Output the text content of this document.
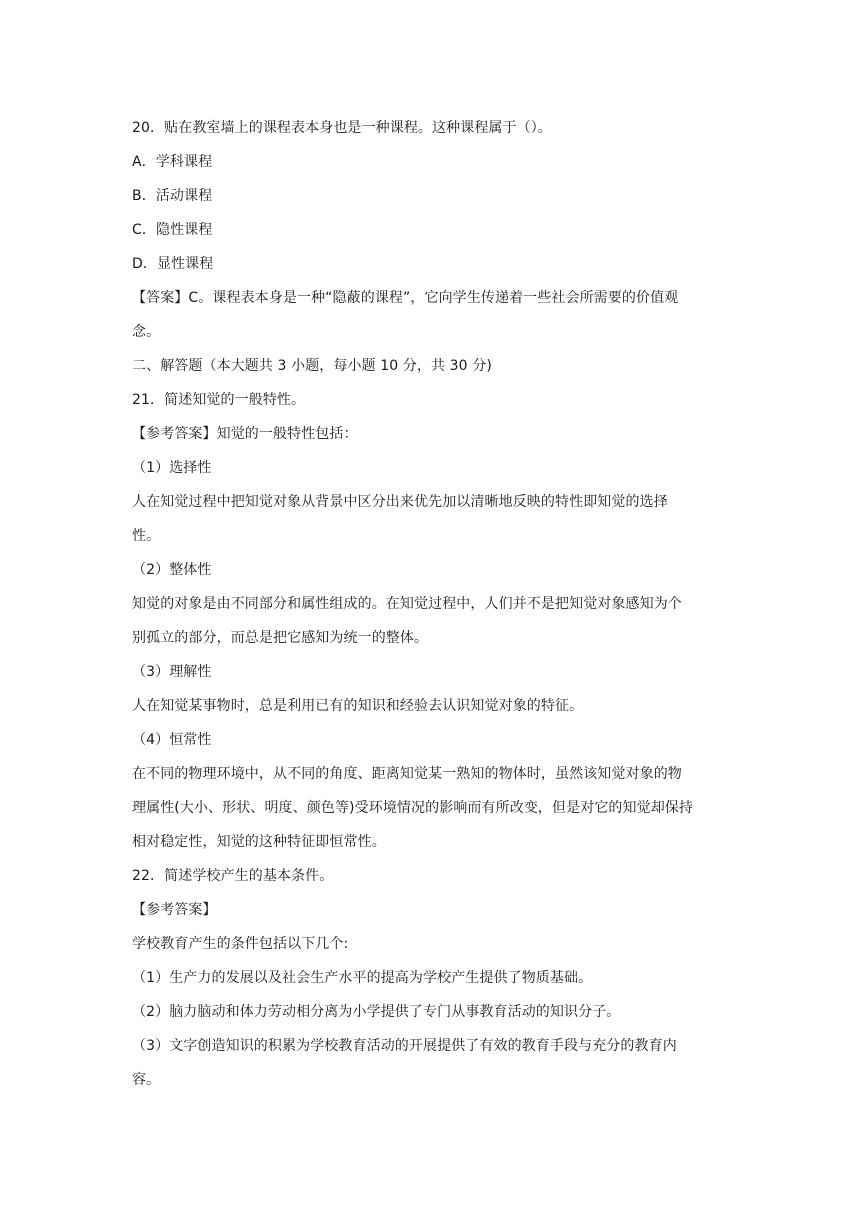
20．贴在教室墙上的课程表本身也是一种课程。这种课程属于（）。
A．学科课程
B．活动课程
C．隐性课程
D．显性课程
【答案】C。课程表本身是一种“隐蔽的课程”，它向学生传递着一些社会所需要的价值观
念。
二、解答题（本大题共 3 小题，每小题 10 分，共 30 分)
21．简述知觉的一般特性。
【参考答案】知觉的一般特性包括：
（1）选择性
人在知觉过程中把知觉对象从背景中区分出来优先加以清晰地反映的特性即知觉的选择
性。
（2）整体性
知觉的对象是由不同部分和属性组成的。在知觉过程中，人们并不是把知觉对象感知为个
别孤立的部分，而总是把它感知为统一的整体。
（3）理解性
人在知觉某事物时，总是利用已有的知识和经验去认识知觉对象的特征。
（4）恒常性
在不同的物理环境中，从不同的角度、距离知觉某一熟知的物体时，虽然该知觉对象的物
理属性(大小、形状、明度、颜色等)受环境情况的影响而有所改变，但是对它的知觉却保持
相对稳定性，知觉的这种特征即恒常性。
22．简述学校产生的基本条件。
【参考答案】
学校教育产生的条件包括以下几个:
（1）生产力的发展以及社会生产水平的提高为学校产生提供了物质基础。
（2）脑力脑动和体力劳动相分离为小学提供了专门从事教育活动的知识分子。
（3）文字创造知识的积累为学校教育活动的开展提供了有效的教育手段与充分的教育内
容。
